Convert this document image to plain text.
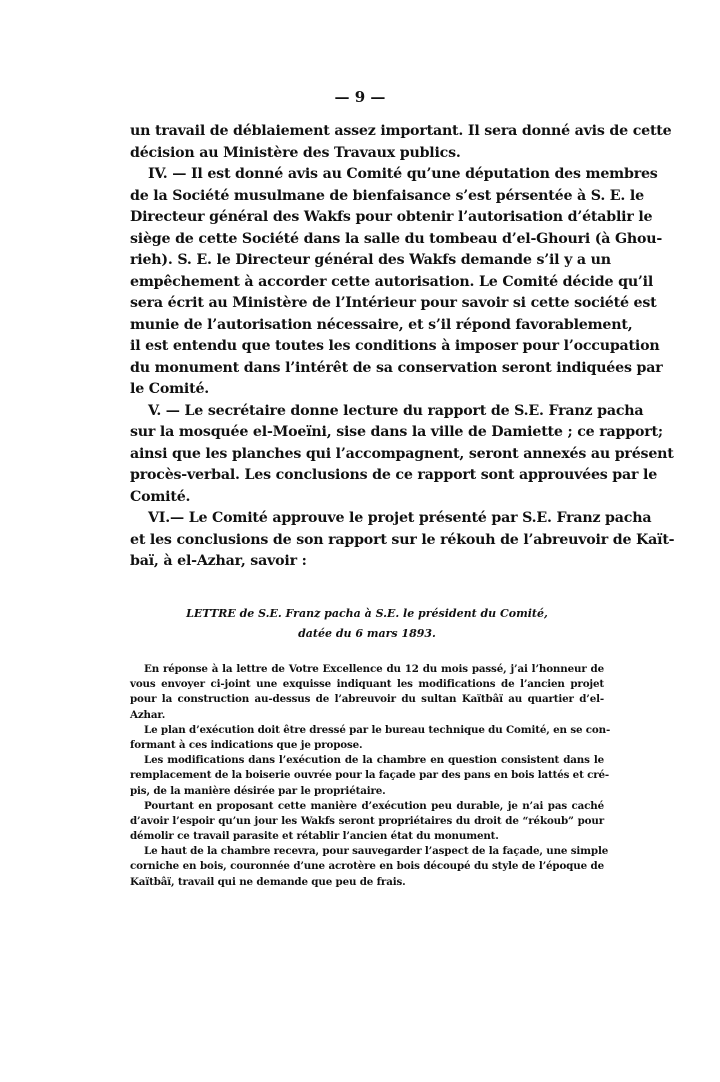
— 9 —
un travail de déblaiement assez important. Il sera donné avis de cette
décision au Ministère des Travaux publics.
IV. — Il est donné avis au Comité qu’une députation des membres
de la Société musulmane de bienfaisance s’est pérsentée à S. E. le
Directeur général des Wakfs pour obtenir l’autorisation d’établir le
siège de cette Société dans la salle du tombeau d’el-Ghouri (à Ghou-
rieh). S. E. le Directeur général des Wakfs demande s’il y a un
empêchement à accorder cette autorisation. Le Comité décide qu’il
sera écrit au Ministère de l’Intérieur pour savoir si cette société est
munie de l’autorisation nécessaire, et s’il répond favorablement,
il est entendu que toutes les conditions à imposer pour l’occupation
du monument dans l’intérêt de sa conservation seront indiquées par
le Comité.
V. — Le secrétaire donne lecture du rapport de S.E. Franz pacha
sur la mosquée el-Moeïni, sise dans la ville de Damiette ; ce rapport;
ainsi que les planches qui l’accompagnent, seront annexés au présent
procès-verbal. Les conclusions de ce rapport sont approuvées par le
Comité.
VI.— Le Comité approuve le projet présenté par S.E. Franz pacha
et les conclusions de son rapport sur le rékouh de l’abreuvoir de Kaït-
baï, à el-Azhar, savoir :
LETTRE de S.E. Franz pacha à S.E. le président du Comité,
datée du 6 mars 1893.
En réponse à la lettre de Votre Excellence du 12 du mois passé, j’ai l’honneur de
vous envoyer ci-joint une exquisse indiquant les modifications de l’ancien projet
pour la construction au-dessus de l’abreuvoir du sultan Kaïtbâï au quartier d’el-
Azhar.
Le plan d’exécution doit être dressé par le bureau technique du Comité, en se con-
formant à ces indications que je propose.
Les modifications dans l’exécution de la chambre en question consistent dans le
remplacement de la boiserie ouvrée pour la façade par des pans en bois lattés et cré-
pis, de la manière désirée par le propriétaire.
Pourtant en proposant cette manière d’exécution peu durable, je n’ai pas caché
d’avoir l’espoir qu’un jour les Wakfs seront propriétaires du droit de “rékoub” pour
démolir ce travail parasite et rétablir l’ancien état du monument.
Le haut de la chambre recevra, pour sauvegarder l’aspect de la façade, une simple
corniche en bois, couronnée d’une acrotère en bois découpé du style de l’époque de
Kaïtbâï, travail qui ne demande que peu de frais.
